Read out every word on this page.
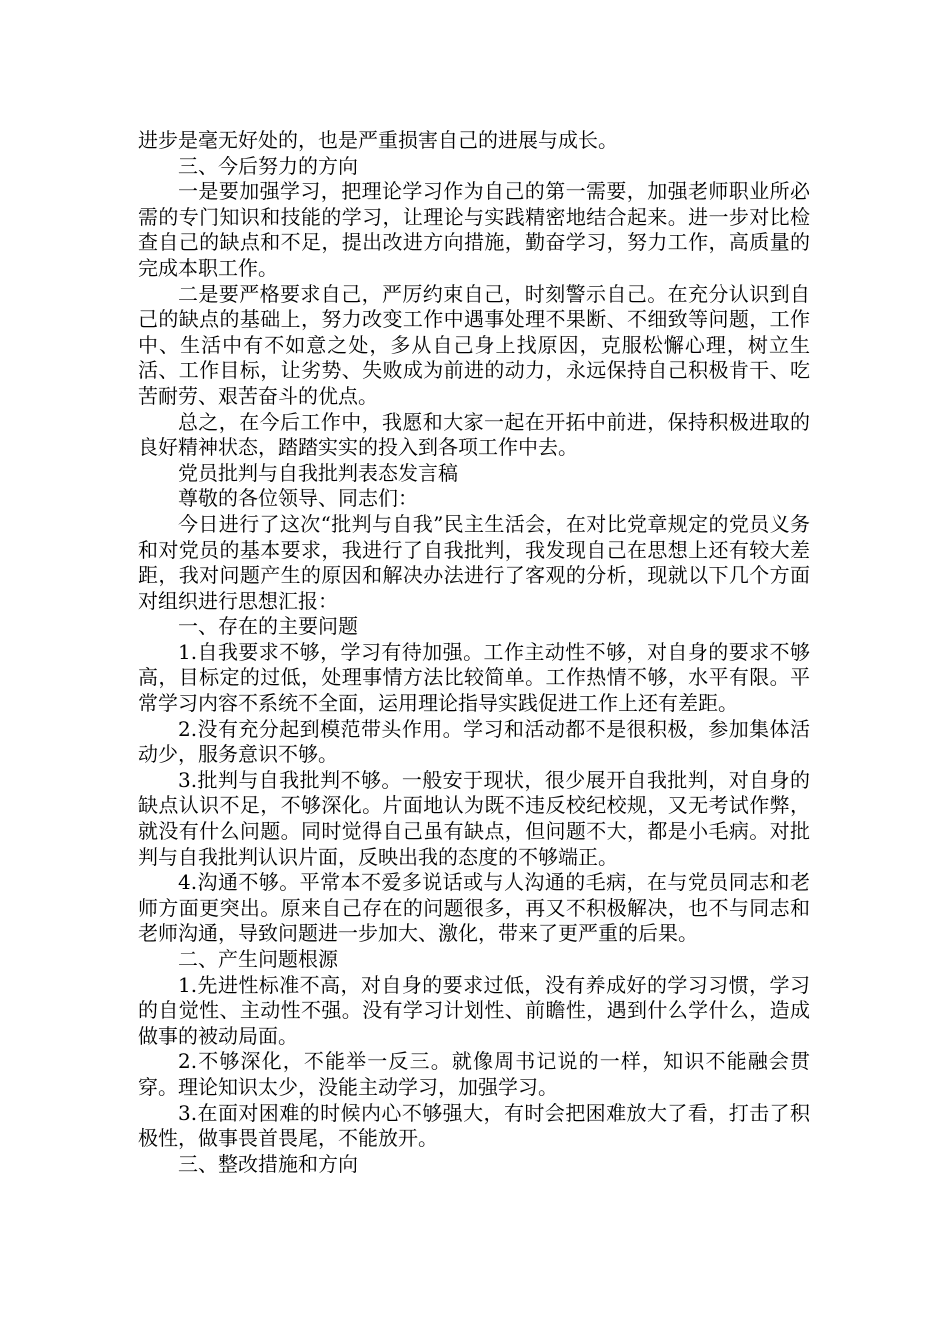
进步是毫无好处的，也是严重损害自己的进展与成长。

三、今后努力的方向

一是要加强学习，把理论学习作为自己的第一需要，加强老师职业所必需的专门知识和技能的学习，让理论与实践精密地结合起来。进一步对比检查自己的缺点和不足，提出改进方向措施，勤奋学习，努力工作，高质量的完成本职工作。

二是要严格要求自己，严厉约束自己，时刻警示自己。在充分认识到自己的缺点的基础上，努力改变工作中遇事处理不果断、不细致等问题，工作中、生活中有不如意之处，多从自己身上找原因，克服松懈心理，树立生活、工作目标，让劣势、失败成为前进的动力，永远保持自己积极肯干、吃苦耐劳、艰苦奋斗的优点。

总之，在今后工作中，我愿和大家一起在开拓中前进，保持积极进取的良好精神状态，踏踏实实的投入到各项工作中去。

党员批判与自我批判表态发言稿

尊敬的各位领导、同志们：

今日进行了这次“批判与自我”民主生活会，在对比党章规定的党员义务和对党员的基本要求，我进行了自我批判，我发现自己在思想上还有较大差距，我对问题产生的原因和解决办法进行了客观的分析，现就以下几个方面对组织进行思想汇报：

一、存在的主要问题

1.自我要求不够，学习有待加强。工作主动性不够，对自身的要求不够高，目标定的过低，处理事情方法比较简单。工作热情不够，水平有限。平常学习内容不系统不全面，运用理论指导实践促进工作上还有差距。

2.没有充分起到模范带头作用。学习和活动都不是很积极，参加集体活动少，服务意识不够。

3.批判与自我批判不够。一般安于现状，很少展开自我批判，对自身的缺点认识不足，不够深化。片面地认为既不违反校纪校规，又无考试作弊，就没有什么问题。同时觉得自己虽有缺点，但问题不大，都是小毛病。对批判与自我批判认识片面，反映出我的态度的不够端正。

4.沟通不够。平常本不爱多说话或与人沟通的毛病，在与党员同志和老师方面更突出。原来自己存在的问题很多，再又不积极解决，也不与同志和老师沟通，导致问题进一步加大、激化，带来了更严重的后果。

二、产生问题根源

1.先进性标准不高，对自身的要求过低，没有养成好的学习习惯，学习的自觉性、主动性不强。没有学习计划性、前瞻性，遇到什么学什么，造成做事的被动局面。

2.不够深化，不能举一反三。就像周书记说的一样，知识不能融会贯穿。理论知识太少，没能主动学习，加强学习。

3.在面对困难的时候内心不够强大，有时会把困难放大了看，打击了积极性，做事畏首畏尾，不能放开。

三、整改措施和方向
